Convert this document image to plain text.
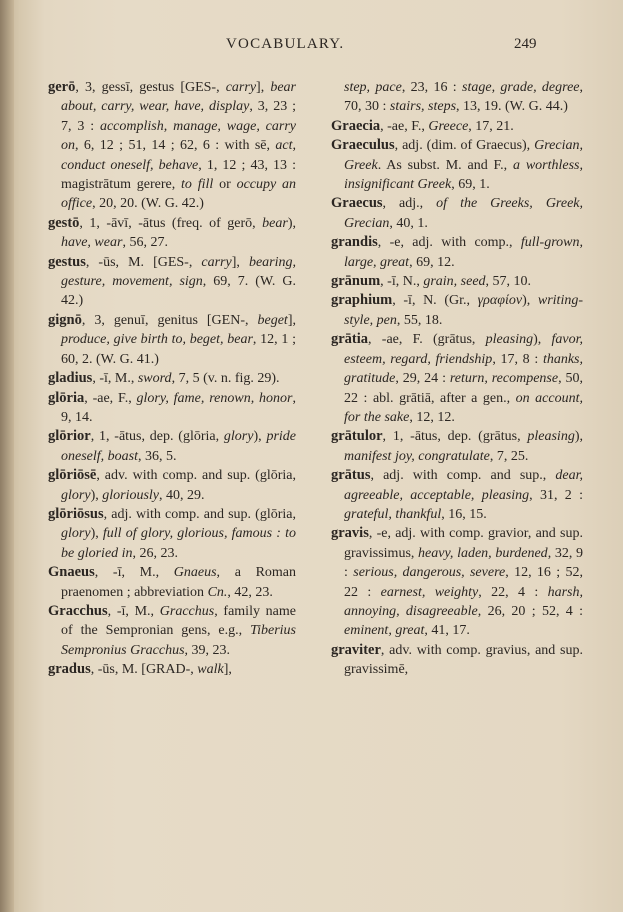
VOCABULARY.	249

gerō, 3, gessī, gestus [GES-, carry], bear about, carry, wear, have, display, 3, 23 ; 7, 3 : accomplish, manage, wage, carry on, 6, 12 ; 51, 14 ; 62, 6 : with sē, act, conduct oneself, behave, 1, 12 ; 43, 13 : magistrātum gerere, to fill or occupy an office, 20, 20. (W. G. 42.)

gestō, 1, -āvī, -ātus (freq. of gerō, bear), have, wear, 56, 27.

gestus, -ūs, M. [GES-, carry], bearing, gesture, movement, sign, 69, 7. (W. G. 42.)

gignō, 3, genuī, genitus [GEN-, beget], produce, give birth to, beget, bear, 12, 1 ; 60, 2. (W. G. 41.)

gladius, -ī, M., sword, 7, 5 (v. n. fig. 29).

glōria, -ae, F., glory, fame, renown, honor, 9, 14.

glōrior, 1, -ātus, dep. (glōria, glory), pride oneself, boast, 36, 5.

glōriōsē, adv. with comp. and sup. (glōria, glory), gloriously, 40, 29.

glōriōsus, adj. with comp. and sup. (glōria, glory), full of glory, glorious, famous : to be gloried in, 26, 23.

Gnaeus, -ī, M., Gnaeus, a Roman praenomen ; abbreviation Cn., 42, 23.

Gracchus, -ī, M., Gracchus, family name of the Sempronian gens, e.g., Tiberius Sempronius Gracchus, 39, 23.

gradus, -ūs, M. [GRAD-, walk],

step, pace, 23, 16 : stage, grade, degree, 70, 30 : stairs, steps, 13, 19. (W. G. 44.)

Graecia, -ae, F., Greece, 17, 21.

Graeculus, adj. (dim. of Graecus), Grecian, Greek. As subst. M. and F., a worthless, insignificant Greek, 69, 1.

Graecus, adj., of the Greeks, Greek, Grecian, 40, 1.

grandis, -e, adj. with comp., full-grown, large, great, 69, 12.

grānum, -ī, N., grain, seed, 57, 10.

graphium, -ī, N. (Gr., γραφίον), writing-style, pen, 55, 18.

grātia, -ae, F. (grātus, pleasing), favor, esteem, regard, friendship, 17, 8 : thanks, gratitude, 29, 24 : return, recompense, 50, 22 : abl. grātiā, after a gen., on account, for the sake, 12, 12.

grātulor, 1, -ātus, dep. (grātus, pleasing), manifest joy, congratulate, 7, 25.

grātus, adj. with comp. and sup., dear, agreeable, acceptable, pleasing, 31, 2 : grateful, thankful, 16, 15.

gravis, -e, adj. with comp. gravior, and sup. gravissimus, heavy, laden, burdened, 32, 9 : serious, dangerous, severe, 12, 16 ; 52, 22 : earnest, weighty, 22, 4 : harsh, annoying, disagreeable, 26, 20 ; 52, 4 : eminent, great, 41, 17.

graviter, adv. with comp. gravius, and sup. gravissimē,
